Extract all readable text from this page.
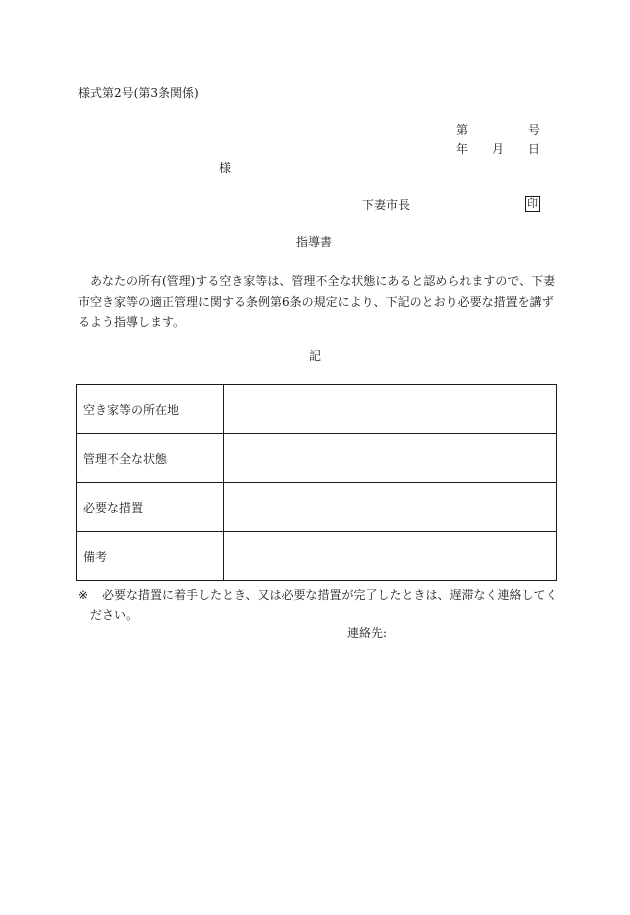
様式第2号(第3条関係)
第	号
年 月 日
様
下妻市長	印
指導書
あなたの所有(管理)する空き家等は、管理不全な状態にあると認められますので、下妻市空き家等の適正管理に関する条例第6条の規定により、下記のとおり必要な措置を講ずるよう指導します。
記
空き家等の所在地	
管理不全な状態	
必要な措置	
備考	
※	必要な措置に着手したとき、又は必要な措置が完了したときは、遅滞なく連絡してください。
連絡先:
